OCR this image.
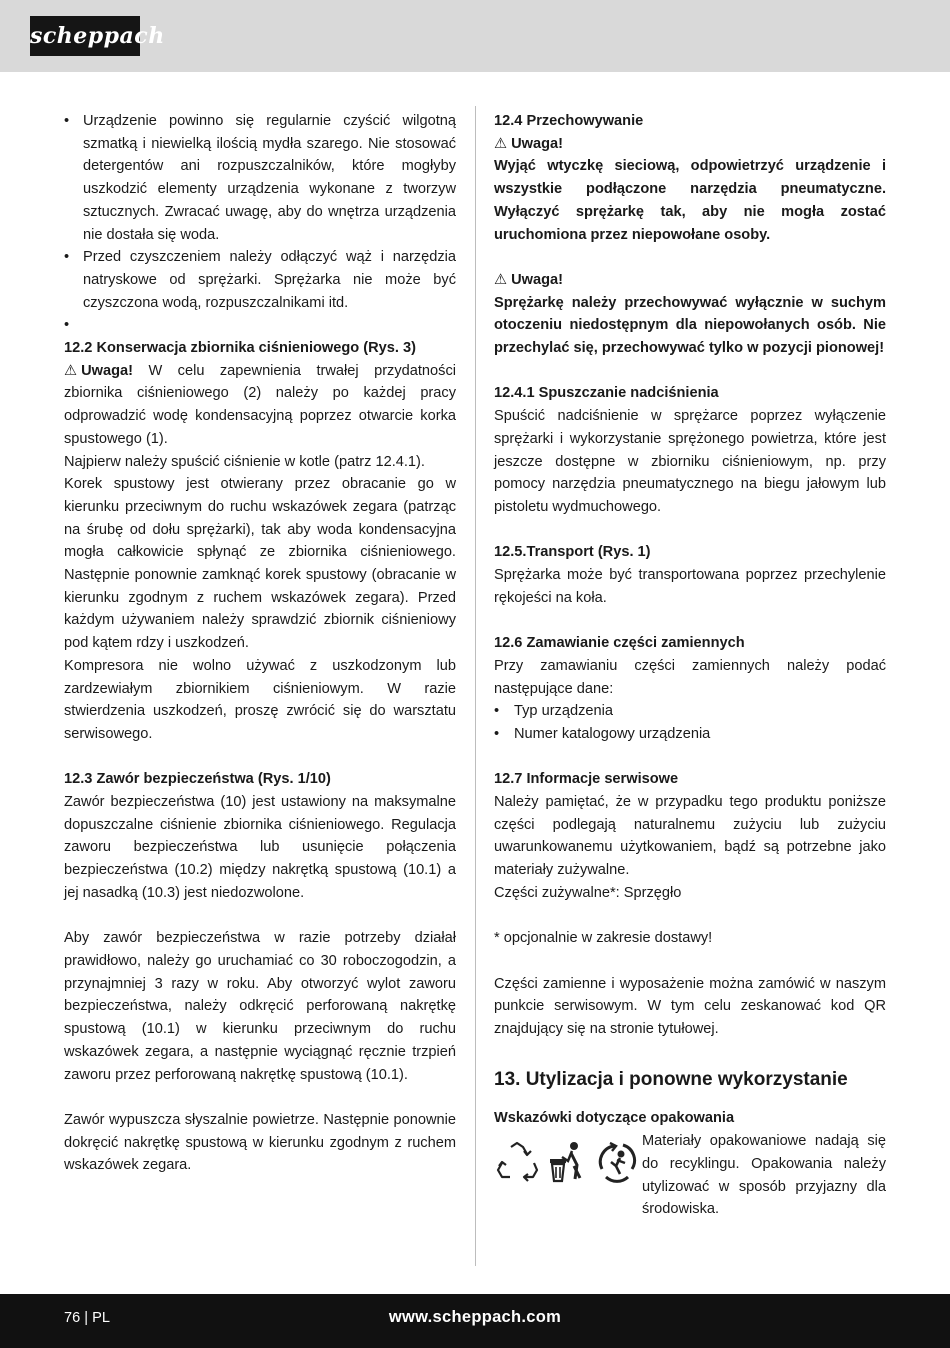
scheppach
• Urządzenie powinno się regularnie czyścić wilgotną szmatką i niewielką ilością mydła szarego. Nie stosować detergentów ani rozpuszczalników, które mogłyby uszkodzić elementy urządzenia wykonane z tworzyw sztucznych. Zwracać uwagę, aby do wnętrza urządzenia nie dostała się woda.
• Przed czyszczeniem należy odłączyć wąż i narzędzia natryskowe od sprężarki. Sprężarka nie może być czyszczona wodą, rozpuszczalnikami itd.
•
12.2 Konserwacja zbiornika ciśnieniowego (Rys. 3)
⚠ Uwaga! W celu zapewnienia trwałej przydatności zbiornika ciśnieniowego (2) należy po każdej pracy odprowadzić wodę kondensacyjną poprzez otwarcie korka spustowego (1).
Najpierw należy spuścić ciśnienie w kotle (patrz 12.4.1).
Korek spustowy jest otwierany przez obracanie go w kierunku przeciwnym do ruchu wskazówek zegara (patrząc na śrubę od dołu sprężarki), tak aby woda kondensacyjna mogła całkowicie spłynąć ze zbiornika ciśnieniowego. Następnie ponownie zamknąć korek spustowy (obracanie w kierunku zgodnym z ruchem wskazówek zegara). Przed każdym używaniem należy sprawdzić zbiornik ciśnieniowy pod kątem rdzy i uszkodzeń.
Kompresora nie wolno używać z uszkodzonym lub zardzewiałym zbiornikiem ciśnieniowym. W razie stwierdzenia uszkodzeń, proszę zwrócić się do warsztatu serwisowego.
12.3 Zawór bezpieczeństwa (Rys. 1/10)
Zawór bezpieczeństwa (10) jest ustawiony na maksymalne dopuszczalne ciśnienie zbiornika ciśnieniowego. Regulacja zaworu bezpieczeństwa lub usunięcie połączenia bezpieczeństwa (10.2) między nakrętką spustową (10.1) a jej nasadką (10.3) jest niedozwolone.
Aby zawór bezpieczeństwa w razie potrzeby działał prawidłowo, należy go uruchamiać co 30 roboczogodzin, a przynajmniej 3 razy w roku. Aby otworzyć wylot zaworu bezpieczeństwa, należy odkręcić perforowaną nakrętkę spustową (10.1) w kierunku przeciwnym do ruchu wskazówek zegara, a następnie wyciągnąć ręcznie trzpień zaworu przez perforowaną nakrętkę spustową (10.1).
Zawór wypuszcza słyszalnie powietrze. Następnie ponownie dokręcić nakrętkę spustową w kierunku zgodnym z ruchem wskazówek zegara.
12.4 Przechowywanie
⚠ Uwaga!
Wyjąć wtyczkę sieciową, odpowietrzyć urządzenie i wszystkie podłączone narzędzia pneumatyczne. Wyłączyć sprężarkę tak, aby nie mogła zostać uruchomiona przez niepowołane osoby.
⚠ Uwaga!
Sprężarkę należy przechowywać wyłącznie w suchym otoczeniu niedostępnym dla niepowołanych osób. Nie przechylać się, przechowywać tylko w pozycji pionowej!
12.4.1 Spuszczanie nadciśnienia
Spuścić nadciśnienie w sprężarce poprzez wyłączenie sprężarki i wykorzystanie sprężonego powietrza, które jest jeszcze dostępne w zbiorniku ciśnieniowym, np. przy pomocy narzędzia pneumatycznego na biegu jałowym lub pistoletu wydmuchowego.
12.5.Transport (Rys. 1)
Sprężarka może być transportowana poprzez przechylenie rękojeści na koła.
12.6 Zamawianie części zamiennych
Przy zamawianiu części zamiennych należy podać następujące dane:
• Typ urządzenia
• Numer katalogowy urządzenia
12.7 Informacje serwisowe
Należy pamiętać, że w przypadku tego produktu poniższe części podlegają naturalnemu zużyciu lub zużyciu uwarunkowanemu użytkowaniem, bądź są potrzebne jako materiały zużywalne.
Części zużywalne*: Sprzęgło
* opcjonalnie w zakresie dostawy!
Części zamienne i wyposażenie można zamówić w naszym punkcie serwisowym. W tym celu zeskanować kod QR znajdujący się na stronie tytułowej.
13. Utylizacja i ponowne wykorzystanie
Wskazówki dotyczące opakowania
Materiały opakowaniowe nadają się do recyklingu. Opakowania należy utylizować w sposób przyjazny dla środowiska.
76 | PL	www.scheppach.com
